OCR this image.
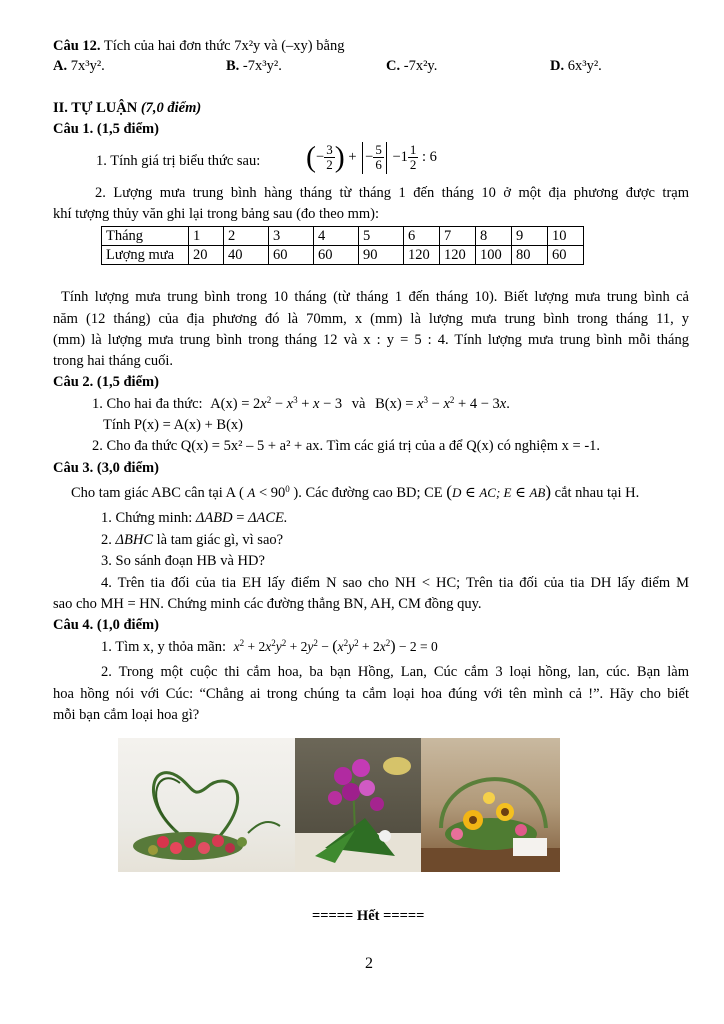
Câu 12. Tích của hai đơn thức 7x²y và (–xy) bằng
A. 7x³y².	B. -7x³y².	C. -7x²y.	D. 6x³y².
II. TỰ LUẬN (7,0 điểm)
Câu 1. (1,5 điểm)
1. Tính giá trị biểu thức sau: (− $\frac{3}{2}$ ) + − $\frac{5}{6} -1 \frac{1}{2}$ : 6
2. Lượng mưa trung bình hàng tháng từ tháng 1 đến tháng 10 ở một địa phương được trạm
khí tượng thủy văn ghi lại trong bảng sau (đo theo mm):
Tháng	1	2	3	4	5	6	7	8	9	10
Lượng mưa	20	40	60	60	90	120	120	100	80	60
Tính lượng mưa trung bình trong 10 tháng (từ tháng 1 đến tháng 10). Biết lượng mưa trung bình cả
năm (12 tháng) của địa phương đó là 70mm, x (mm) là lượng mưa trung bình trong tháng 11, y
(mm) là lượng mưa trung bình trong tháng 12 và x : y = 5 : 4. Tính lượng mưa trung bình mỗi tháng
trong hai tháng cuối.
Câu 2. (1,5 điểm)
1. Cho hai đa thức: $A(x) = 2x^2 - x^3 + x - 3$ và $B(x) = x^3 - x^2 + 4 - 3x$.
Tính P(x) = A(x) + B(x)
2. Cho đa thức Q(x) = 5x² – 5 + a² + ax. Tìm các giá trị của a để Q(x) có nghiệm x = -1.
Câu 3. (3,0 điểm)
Cho tam giác ABC cân tại A ( $A < 90^0$ ). Các đường cao BD; CE (D ∈ AC; E ∈ AB) cắt nhau tại H.
1. Chứng minh: ΔABD = ΔACE.
2. ΔBHC là tam giác gì, vì sao?
3. So sánh đoạn HB và HD?
4. Trên tia đối của tia EH lấy điểm N sao cho NH < HC; Trên tia đối của tia DH lấy điểm M
sao cho MH = HN. Chứng minh các đường thẳng BN, AH, CM đồng quy.
Câu 4. (1,0 điểm)
1. Tìm x, y thỏa mãn: $x^2 + 2x^2y^2 + 2y^2 - (x^2y^2 + 2x^2) - 2 = 0$
2. Trong một cuộc thi cắm hoa, ba bạn Hồng, Lan, Cúc cắm 3 loại hồng, lan, cúc. Bạn làm
hoa hồng nói với Cúc: “Chẳng ai trong chúng ta cắm loại hoa đúng với tên mình cả !”. Hãy cho biết
mỗi bạn cắm loại hoa gì?
===== Hết =====
2
